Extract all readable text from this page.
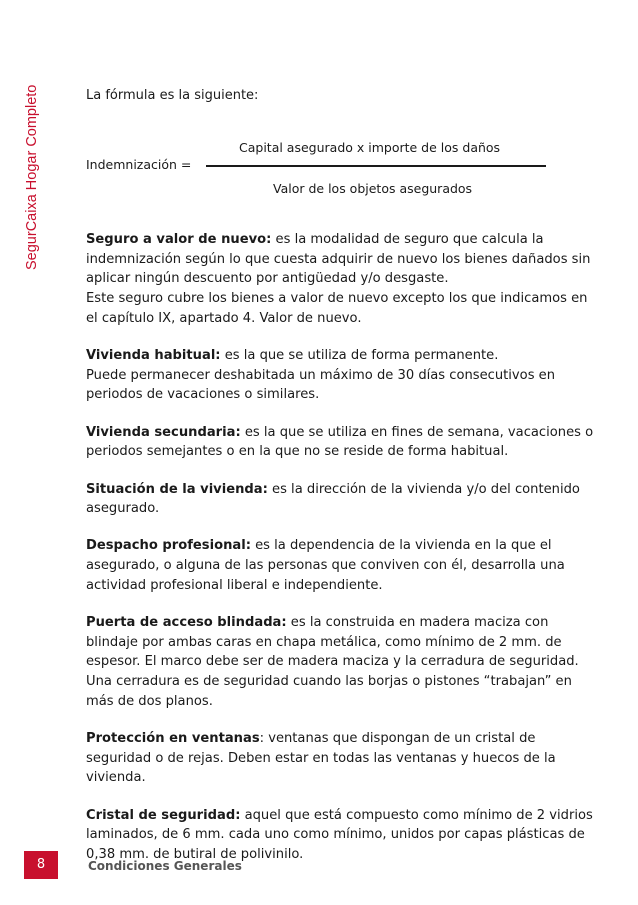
SegurCaixa Hogar Completo	La fórmula es la siguiente:

Capital asegurado x importe de los daños
Indemnización =
Valor de los objetos asegurados

Seguro a valor de nuevo: es la modalidad de seguro que calcula la indemnización según lo que cuesta adquirir de nuevo los bienes dañados sin aplicar ningún descuento por antigüedad y/o desgaste.
Este seguro cubre los bienes a valor de nuevo excepto los que indicamos en el capítulo IX, apartado 4. Valor de nuevo.

Vivienda habitual: es la que se utiliza de forma permanente.
Puede permanecer deshabitada un máximo de 30 días consecutivos en periodos de vacaciones o similares.

Vivienda secundaria: es la que se utiliza en fines de semana, vacaciones o periodos semejantes o en la que no se reside de forma habitual.

Situación de la vivienda: es la dirección de la vivienda y/o del contenido asegurado.

Despacho profesional: es la dependencia de la vivienda en la que el asegurado, o alguna de las personas que conviven con él, desarrolla una actividad profesional liberal e independiente.

Puerta de acceso blindada: es la construida en madera maciza con blindaje por ambas caras en chapa metálica, como mínimo de 2 mm. de espesor. El marco debe ser de madera maciza y la cerradura de seguridad. Una cerradura es de seguridad cuando las borjas o pistones “trabajan” en más de dos planos.

Protección en ventanas: ventanas que dispongan de un cristal de seguridad o de rejas. Deben estar en todas las ventanas y huecos de la vivienda.

Cristal de seguridad: aquel que está compuesto como mínimo de 2 vidrios laminados, de 6 mm. cada uno como mínimo, unidos por capas plásticas de 0,38 mm. de butiral de polivinilo.

8	Condiciones Generales
